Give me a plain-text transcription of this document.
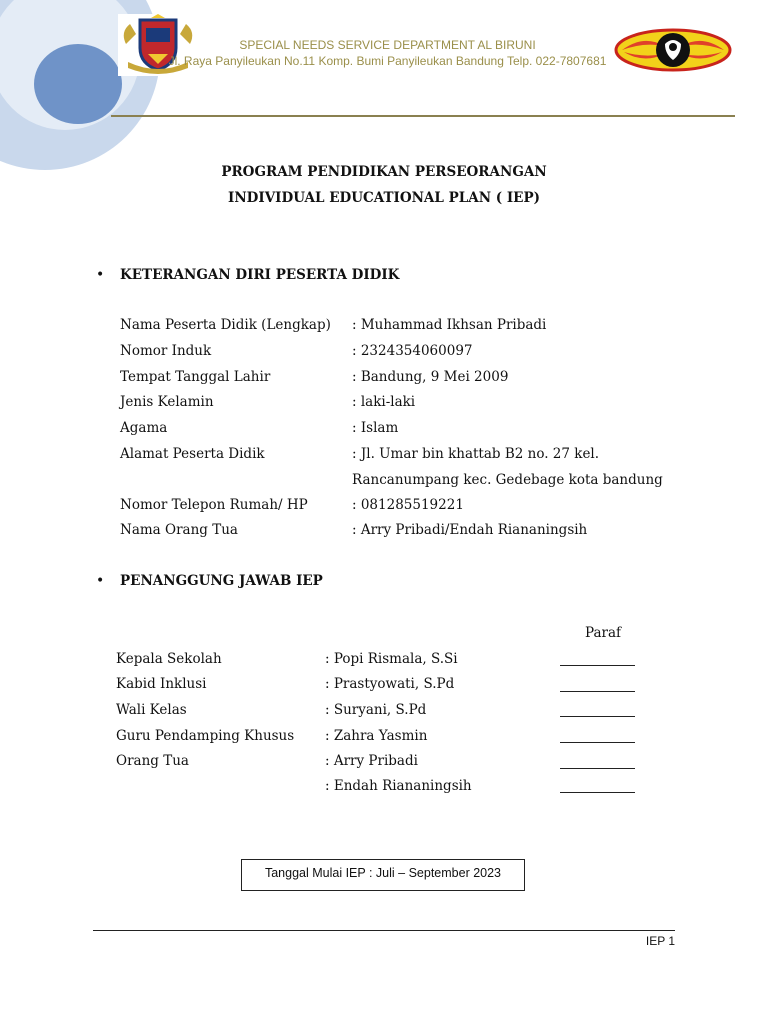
SPECIAL NEEDS SERVICE DEPARTMENT AL BIRUNI
Jl. Raya Panyileukan No.11 Komp. Bumi Panyileukan Bandung Telp. 022-7807681
PROGRAM PENDIDIKAN PERSEORANGAN
INDIVIDUAL EDUCATIONAL PLAN ( IEP)
• KETERANGAN DIRI PESERTA DIDIK
Nama Peserta Didik (Lengkap) : Muhammad Ikhsan Pribadi
Nomor Induk	: 2324354060097
Tempat Tanggal Lahir	: Bandung, 9 Mei 2009
Jenis Kelamin	: laki-laki
Agama	: Islam
Alamat Peserta Didik	: Jl. Umar bin khattab B2 no. 27 kel.
Rancanumpang kec. Gedebage kota bandung
Nomor Telepon Rumah/ HP	: 081285519221
Nama Orang Tua	: Arry Pribadi/Endah Riananingsih
• PENANGGUNG JAWAB IEP
Paraf
Kepala Sekolah	: Popi Rismala, S.Si
Kabid Inklusi	: Prastyowati, S.Pd
Wali Kelas	: Suryani, S.Pd
Guru Pendamping Khusus : Zahra Yasmin
Orang Tua	: Arry Pribadi
: Endah Riananingsih
Tanggal Mulai IEP : Juli – September 2023
IEP 1
